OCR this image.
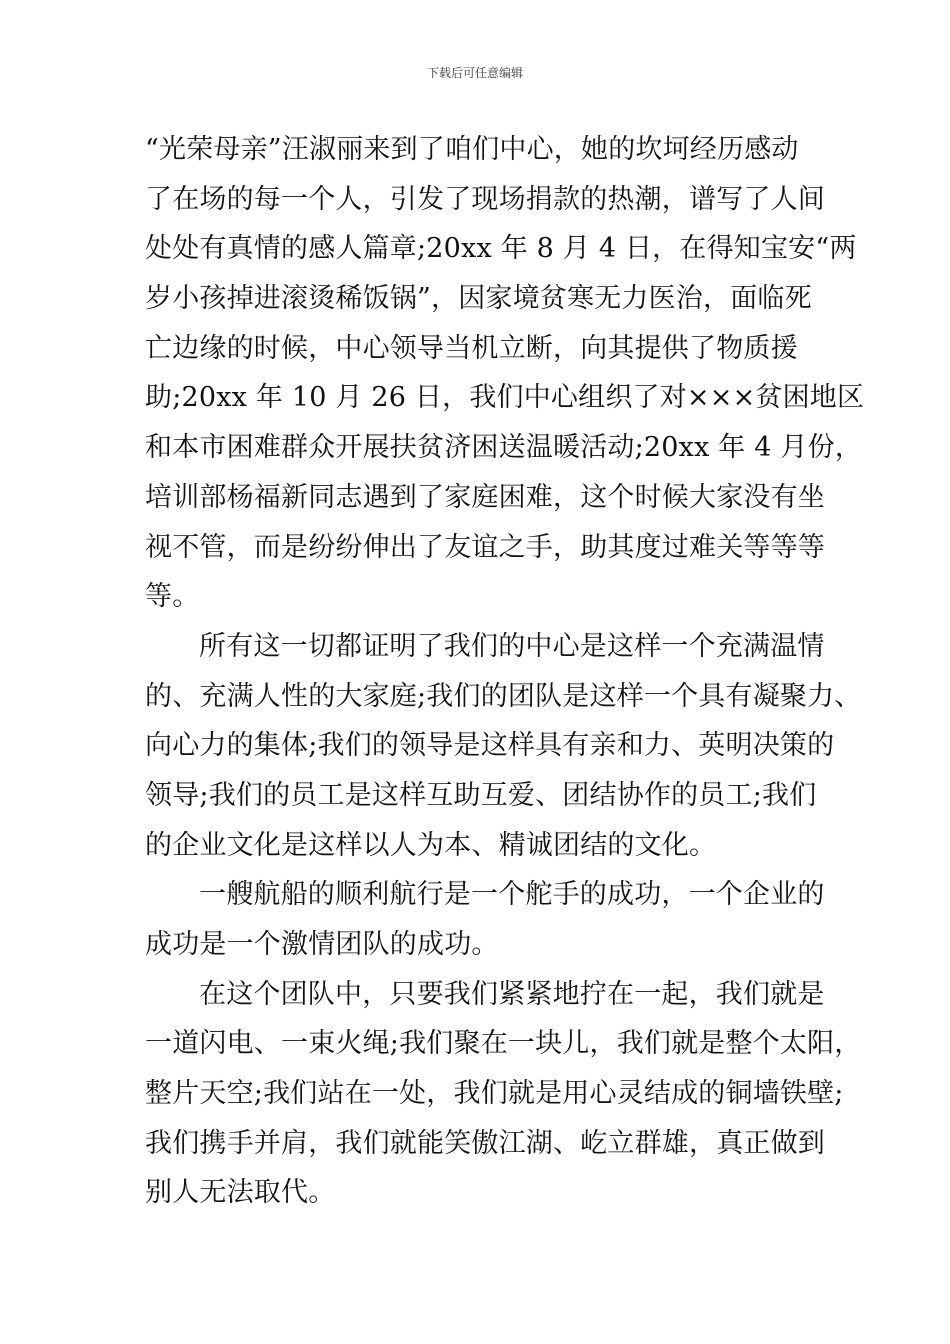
下载后可任意编辑
“光荣母亲”汪淑丽来到了咱们中心，她的坎坷经历感动
了在场的每一个人，引发了现场捐款的热潮，谱写了人间
处处有真情的感人篇章;20xx 年 8 月 4 日，在得知宝安“两
岁小孩掉进滚烫稀饭锅”，因家境贫寒无力医治，面临死
亡边缘的时候，中心领导当机立断，向其提供了物质援
助;20xx 年 10 月 26 日，我们中心组织了对×××贫困地区
和本市困难群众开展扶贫济困送温暖活动;20xx 年 4 月份，
培训部杨福新同志遇到了家庭困难，这个时候大家没有坐
视不管，而是纷纷伸出了友谊之手，助其度过难关等等等
等。
所有这一切都证明了我们的中心是这样一个充满温情
的、充满人性的大家庭;我们的团队是这样一个具有凝聚力、
向心力的集体;我们的领导是这样具有亲和力、英明决策的
领导;我们的员工是这样互助互爱、团结协作的员工;我们
的企业文化是这样以人为本、精诚团结的文化。
一艘航船的顺利航行是一个舵手的成功，一个企业的
成功是一个激情团队的成功。
在这个团队中，只要我们紧紧地拧在一起，我们就是
一道闪电、一束火绳;我们聚在一块儿，我们就是整个太阳，
整片天空;我们站在一处，我们就是用心灵结成的铜墙铁壁;
我们携手并肩，我们就能笑傲江湖、屹立群雄，真正做到
别人无法取代。
